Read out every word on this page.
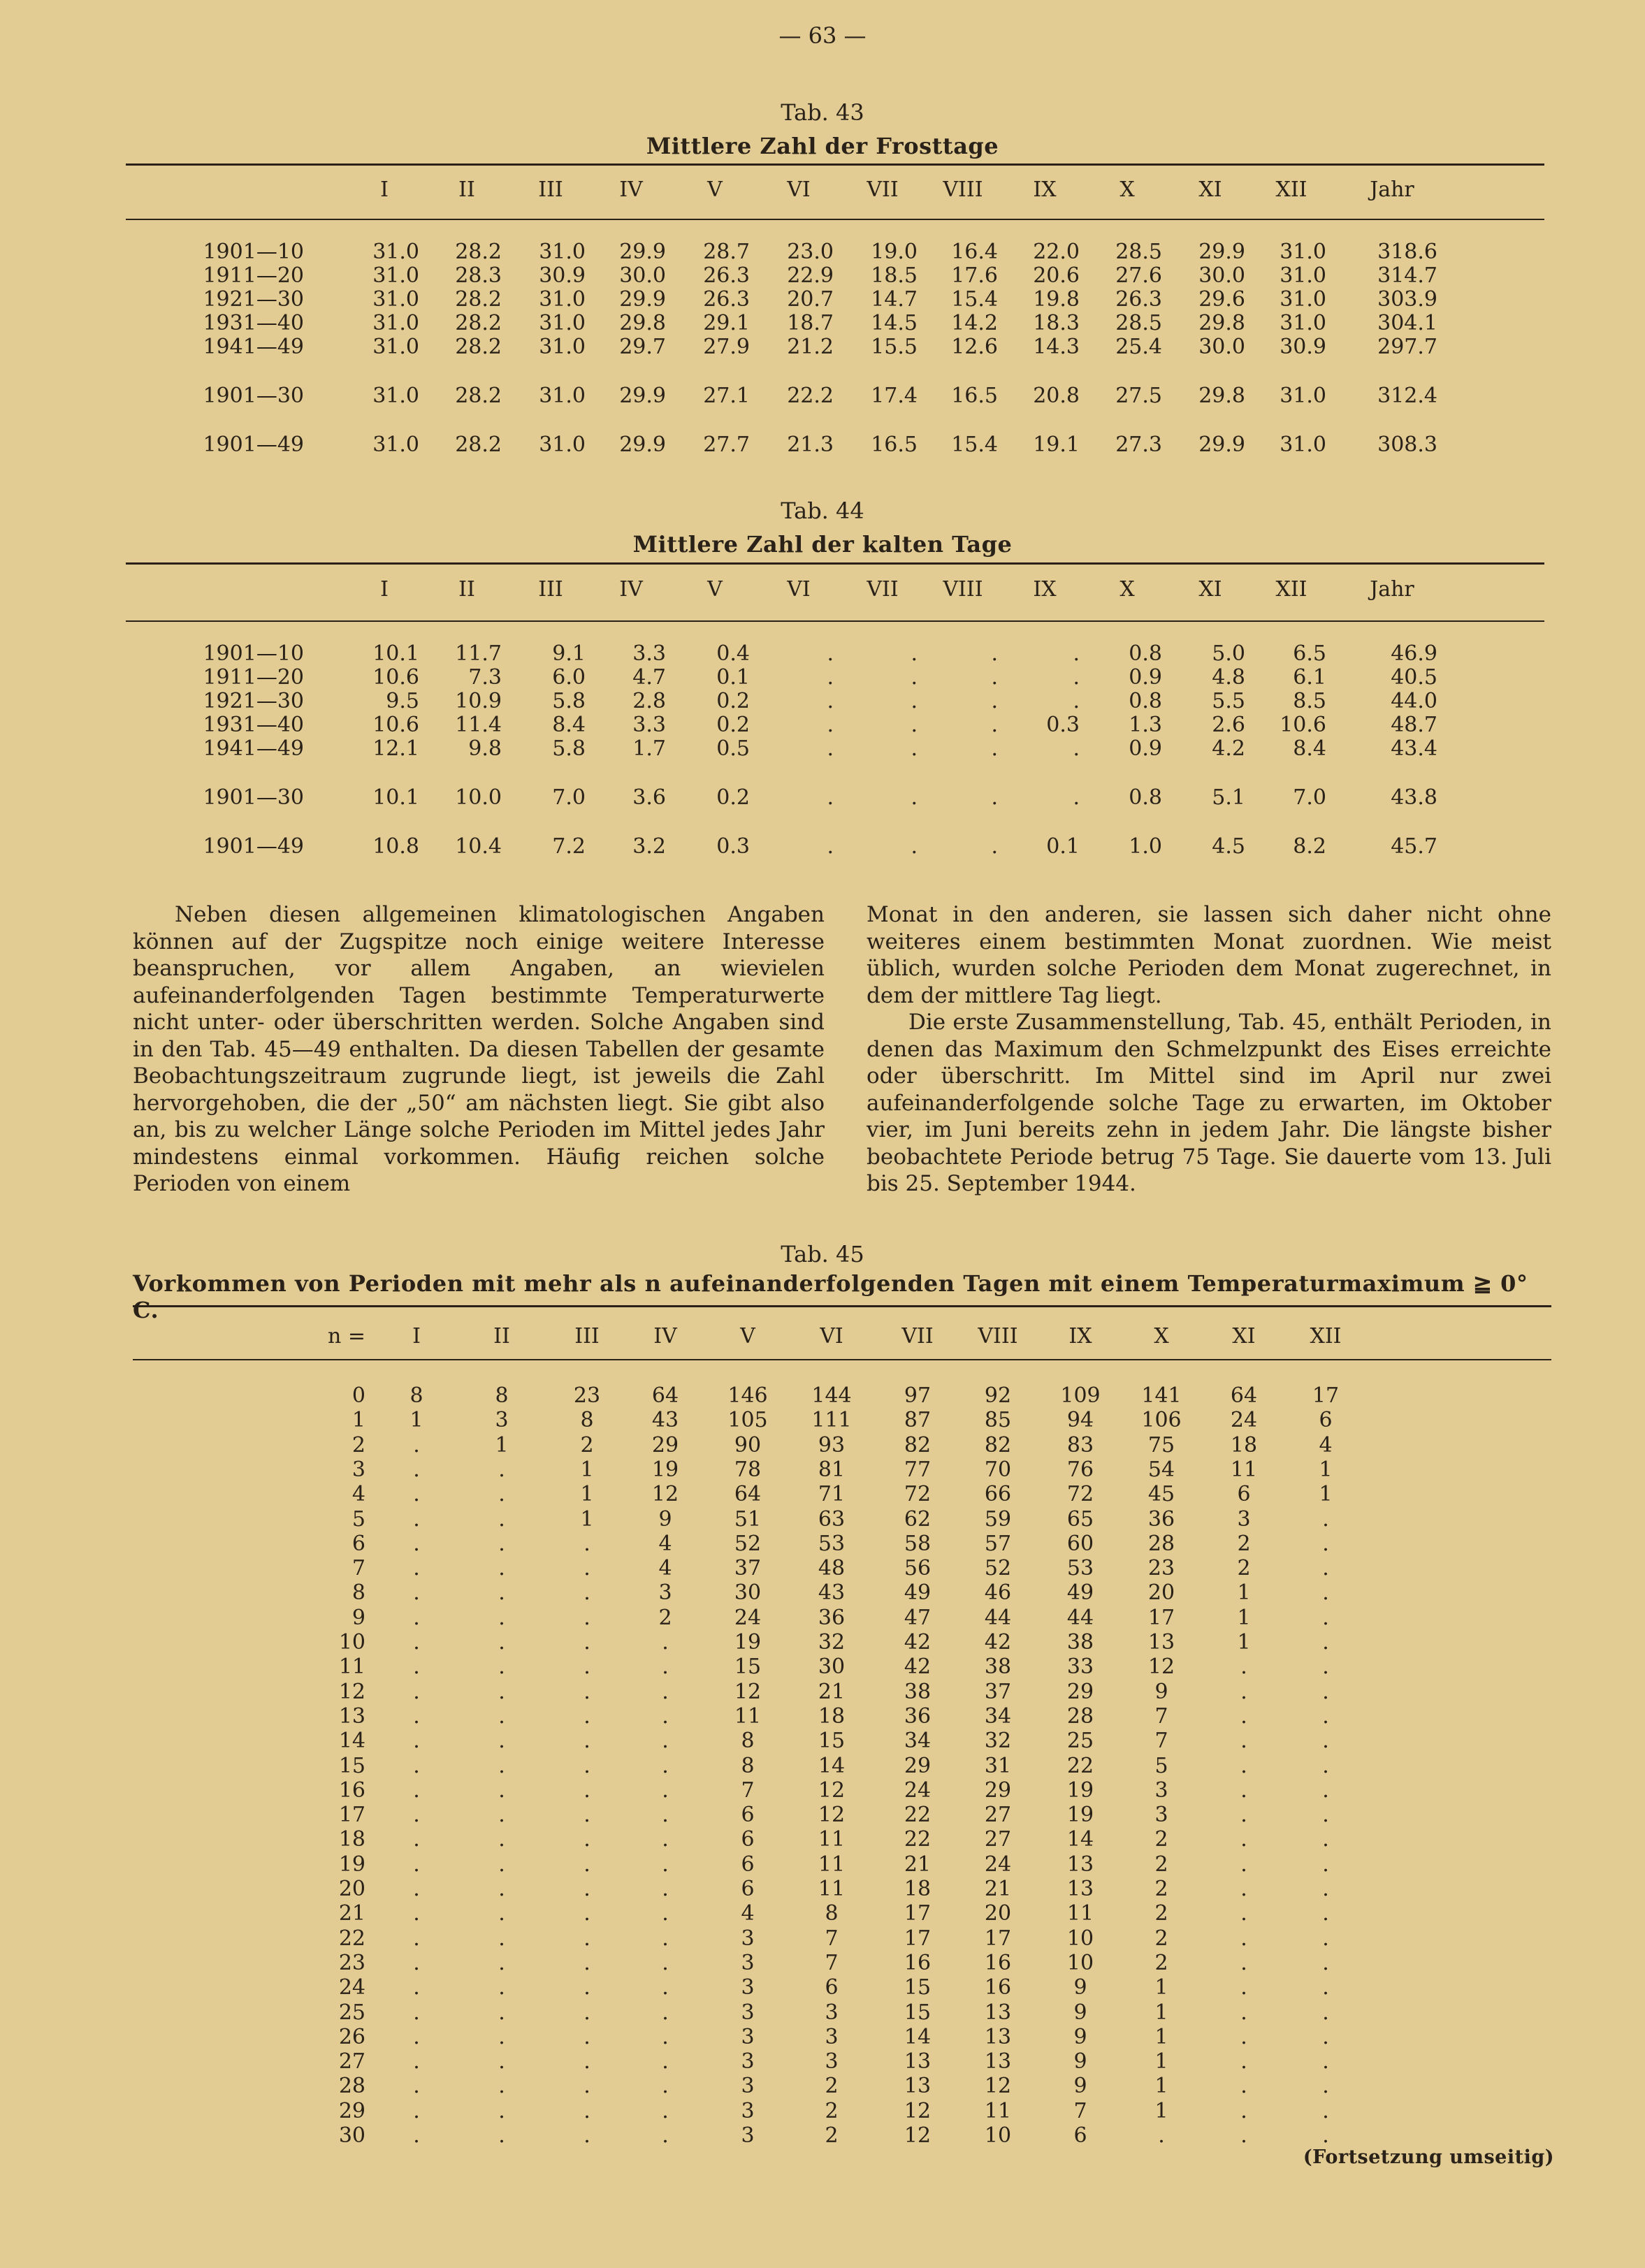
— 63 —
Tab. 43
Mittlere Zahl der Frosttage
I	II	III	IV	V	VI	VII	VIII	IX	X	XI	XII	Jahr
1901—10	31.0	28.2	31.0	29.9	28.7	23.0	19.0	16.4	22.0	28.5	29.9	31.0	318.6
1911—20	31.0	28.3	30.9	30.0	26.3	22.9	18.5	17.6	20.6	27.6	30.0	31.0	314.7
1921—30	31.0	28.2	31.0	29.9	26.3	20.7	14.7	15.4	19.8	26.3	29.6	31.0	303.9
1931—40	31.0	28.2	31.0	29.8	29.1	18.7	14.5	14.2	18.3	28.5	29.8	31.0	304.1
1941—49	31.0	28.2	31.0	29.7	27.9	21.2	15.5	12.6	14.3	25.4	30.0	30.9	297.7
1901—30	31.0	28.2	31.0	29.9	27.1	22.2	17.4	16.5	20.8	27.5	29.8	31.0	312.4
1901—49	31.0	28.2	31.0	29.9	27.7	21.3	16.5	15.4	19.1	27.3	29.9	31.0	308.3
Tab. 44
Mittlere Zahl der kalten Tage
I	II	III	IV	V	VI	VII	VIII	IX	X	XI	XII	Jahr
1901—10	10.1	11.7	9.1	3.3	0.4	.	.	.	.	0.8	5.0	6.5	46.9
1911—20	10.6	7.3	6.0	4.7	0.1	.	.	.	.	0.9	4.8	6.1	40.5
1921—30	9.5	10.9	5.8	2.8	0.2	.	.	.	.	0.8	5.5	8.5	44.0
1931—40	10.6	11.4	8.4	3.3	0.2	.	.	.	0.3	1.3	2.6	10.6	48.7
1941—49	12.1	9.8	5.8	1.7	0.5	.	.	.	.	0.9	4.2	8.4	43.4
1901—30	10.1	10.0	7.0	3.6	0.2	.	.	.	.	0.8	5.1	7.0	43.8
1901—49	10.8	10.4	7.2	3.2	0.3	.	.	.	0.1	1.0	4.5	8.2	45.7

Neben diesen allgemeinen klimatologischen Angaben können auf der Zugspitze noch einige weitere Interesse beanspruchen, vor allem Angaben, an wievielen aufeinanderfolgenden Tagen bestimmte Temperaturwerte nicht unter- oder überschritten werden. Solche Angaben sind in den Tab. 45—49 enthalten. Da diesen Tabellen der gesamte Beobachtungszeitraum zugrunde liegt, ist jeweils die Zahl hervorgehoben, die der „50“ am nächsten liegt. Sie gibt also an, bis zu welcher Länge solche Perioden im Mittel jedes Jahr mindestens einmal vorkommen. Häufig reichen solche Perioden von einem

Monat in den anderen, sie lassen sich daher nicht ohne weiteres einem bestimmten Monat zuordnen. Wie meist üblich, wurden solche Perioden dem Monat zugerechnet, in dem der mittlere Tag liegt.

Die erste Zusammenstellung, Tab. 45, enthält Perioden, in denen das Maximum den Schmelzpunkt des Eises erreichte oder überschritt. Im Mittel sind im April nur zwei aufeinanderfolgende solche Tage zu erwarten, im Oktober vier, im Juni bereits zehn in jedem Jahr. Die längste bisher beobachtete Periode betrug 75 Tage. Sie dauerte vom 13. Juli bis 25. September 1944.

Tab. 45
Vorkommen von Perioden mit mehr als n aufeinanderfolgenden Tagen mit einem Temperaturmaximum ≧ 0° C.
n =	I	II	III	IV	V	VI	VII	VIII	IX	X	XI	XII
0	8	8	23	64	146	144	97	92	109	141	64	17
1	1	3	8	43	105	111	87	85	94	106	24	6
2	.	1	2	29	90	93	82	82	83	75	18	4
3	.	.	1	19	78	81	77	70	76	54	11	1
4	.	.	1	12	64	71	72	66	72	45	6	1
5	.	.	1	9	51	63	62	59	65	36	3	.
6	.	.	.	4	52	53	58	57	60	28	2	.
7	.	.	.	4	37	48	56	52	53	23	2	.
8	.	.	.	3	30	43	49	46	49	20	1	.
9	.	.	.	2	24	36	47	44	44	17	1	.
10	.	.	.	.	19	32	42	42	38	13	1	.
11	.	.	.	.	15	30	42	38	33	12	.	.
12	.	.	.	.	12	21	38	37	29	9	.	.
13	.	.	.	.	11	18	36	34	28	7	.	.
14	.	.	.	.	8	15	34	32	25	7	.	.
15	.	.	.	.	8	14	29	31	22	5	.	.
16	.	.	.	.	7	12	24	29	19	3	.	.
17	.	.	.	.	6	12	22	27	19	3	.	.
18	.	.	.	.	6	11	22	27	14	2	.	.
19	.	.	.	.	6	11	21	24	13	2	.	.
20	.	.	.	.	6	11	18	21	13	2	.	.
21	.	.	.	.	4	8	17	20	11	2	.	.
22	.	.	.	.	3	7	17	17	10	2	.	.
23	.	.	.	.	3	7	16	16	10	2	.	.
24	.	.	.	.	3	6	15	16	9	1	.	.
25	.	.	.	.	3	3	15	13	9	1	.	.
26	.	.	.	.	3	3	14	13	9	1	.	.
27	.	.	.	.	3	3	13	13	9	1	.	.
28	.	.	.	.	3	2	13	12	9	1	.	.
29	.	.	.	.	3	2	12	11	7	1	.	.
30	.	.	.	.	3	2	12	10	6	.	.	.
(Fortsetzung umseitig)
